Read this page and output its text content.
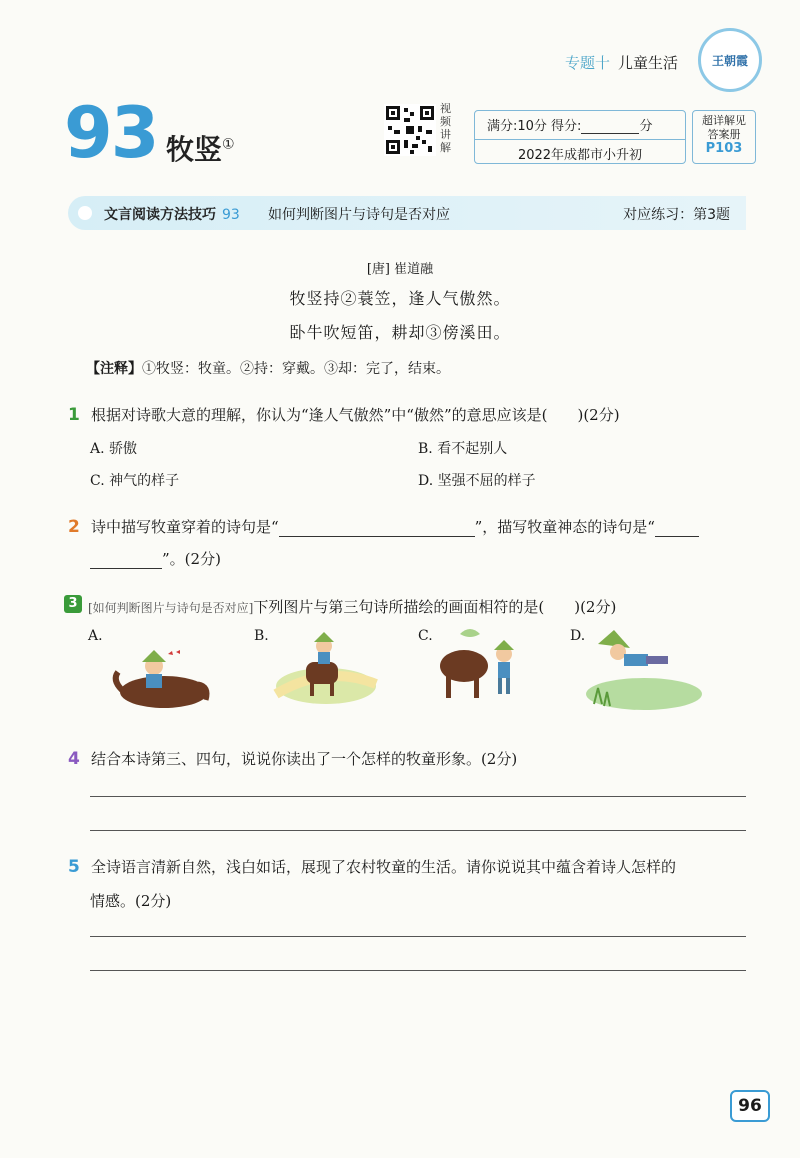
专题十 儿童生活	王朝霞
93 牧竖①
视频讲解
满分:10分 得分:	分
2022年成都市小升初
超详解见
答案册
P103
文言阅读方法技巧 93 如何判断图片与诗句是否对应	对应练习：第3题
[唐] 崔道融
牧竖持②蓑笠，逢人气傲然。
卧牛吹短笛，耕却③傍溪田。
【注释】①牧竖：牧童。②持：穿戴。③却：完了，结束。
1 根据对诗歌大意的理解，你认为“逢人气傲然”中“傲然”的意思应该是(　　)(2分)
A. 骄傲	B. 看不起别人
C. 神气的样子	D. 坚强不屈的样子
2 诗中描写牧童穿着的诗句是“	”，描写牧童神态的诗句是“
”。(2分)
3 [如何判断图片与诗句是否对应]下列图片与第三句诗所描绘的画面相符的是(　　)(2分)
A.	B.	C.	D.
4 结合本诗第三、四句，说说你读出了一个怎样的牧童形象。(2分)
5 全诗语言清新自然，浅白如话，展现了农村牧童的生活。请你说说其中蕴含着诗人怎样的
情感。(2分)
96
